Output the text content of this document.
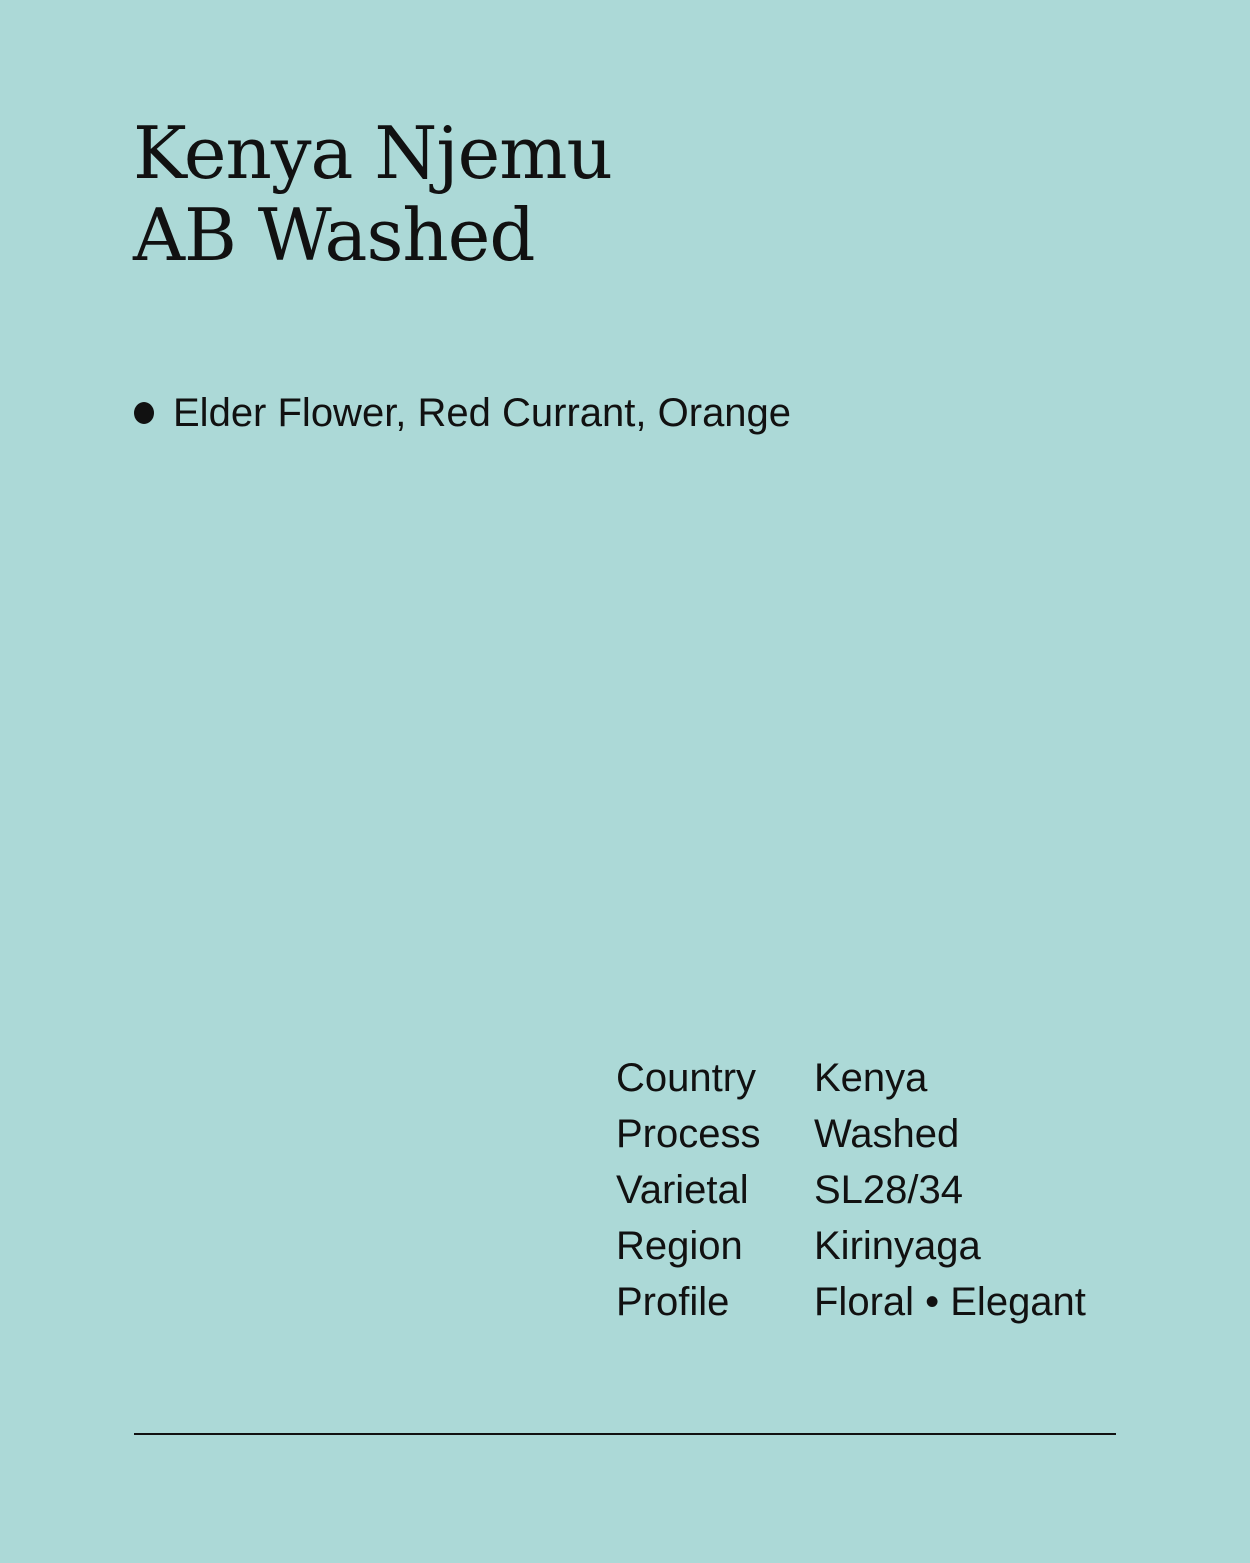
Kenya Njemu
AB Washed
Elder Flower, Red Currant, Orange
Country	Kenya
Process	Washed
Varietal	SL28/34
Region	Kirinyaga
Profile	Floral • Elegant
